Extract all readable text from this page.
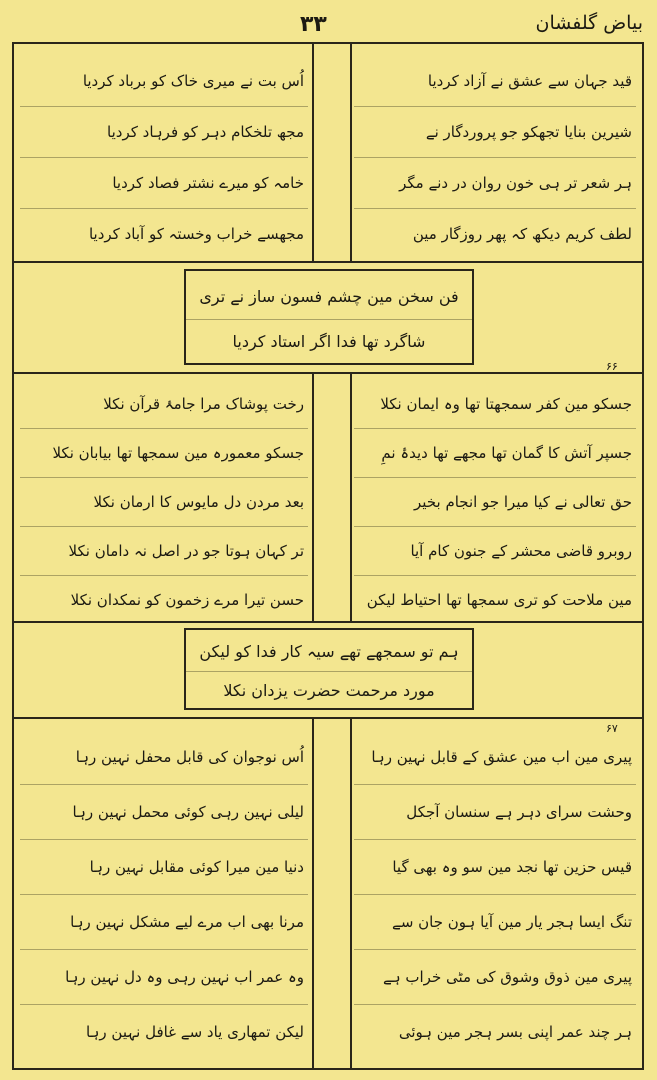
بیاض گلفشان
۳۳
قید جہان سے عشق نے آزاد کردیا
شیرین بنایا تجھکو جو پروردگار نے
ہر شعر تر ہی خون روان در دنے مگر
لطف کریم دیکھ کہ پھر روزگار مین
اُس بت نے میری خاک کو برباد کردیا
مجھ تلخکام دہر کو فرہاد کردیا
خامہ کو میرے نشتر فصاد کردیا
مجھسے خراب وخستہ کو آباد کردیا
فن سخن مین چشم فسون ساز نے تری
شاگرد تھا فدا اگر استاد کردیا
۶۶
جسکو مین کفر سمجھتا تھا وہ ایمان نکلا
جسپر آتش کا گمان تھا مجھے تھا دیدۂ نمِ
حق تعالی نے کیا میرا جو انجام بخیر
روبرو قاضی محشر کے جنون کام آیا
مین ملاحت کو تری سمجھا تھا احتیاط لیکن
رخت پوشاک مرا جامۂ قرآن نکلا
جسکو معمورہ مین سمجھا تھا بیابان نکلا
بعد مردن دل مایوس کا ارمان نکلا
تر کہان ہوتا جو در اصل نہ دامان نکلا
حسن تیرا مرے زخمون کو نمکدان نکلا
ہم تو سمجھے تھے سیہ کار فدا کو لیکن
مورد مرحمت حضرت یزدان نکلا
۶۷
پیری مین اب مین عشق کے قابل نہین رہا
وحشت سرای دہر ہے سنسان آجکل
قیس حزین تھا نجد مین سو وہ بھی گیا
تنگ ایسا ہجر یار مین آیا ہون جان سے
پیری مین ذوق وشوق کی مٹی خراب ہے
ہر چند عمر اپنی بسر ہجر مین ہوئی
اُس نوجوان کی قابل محفل نہین رہا
لیلی نہین رہی کوئی محمل نہین رہا
دنیا مین میرا کوئی مقابل نہین رہا
مرنا بھی اب مرے لیے مشکل نہین رہا
وہ عمر اب نہین رہی وہ دل نہین رہا
لیکن تمھاری یاد سے غافل نہین رہا
